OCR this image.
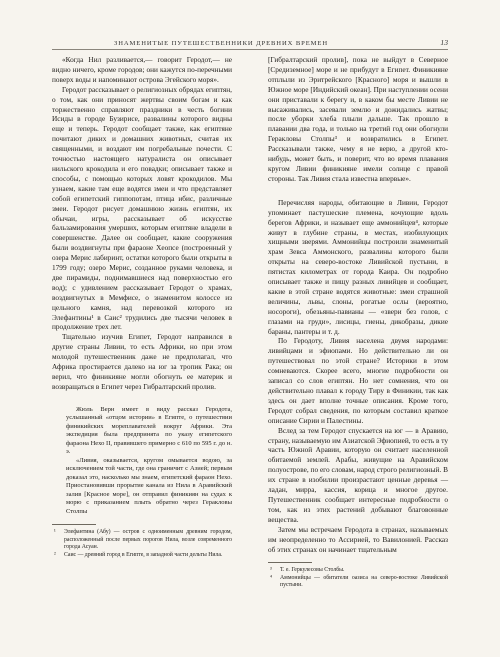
ЗНАМЕНИТЫЕ ПУТЕШЕСТВЕННИКИ ДРЕВНИХ ВРЕМЕН	13

«Когда Нил разливается,— говорит Геродот,— не видно ничего, кроме городов; они кажутся по-перечными поверх воды и напоминают острова Эгейского моря».

Геродот рассказывает о религиозных обрядах египтян, о том, как они приносят жертвы своим богам и как торжественно справляют праздники в честь богини Исиды в городе Бузирисе, развалины которого видны еще и теперь. Геродот сообщает также, как египтяне почитают диких и домашних животных, считая их священными, и воздают им погребальные почести. С точностью настоящего натуралиста он описывает нильского крокодила и его повадки; описывает также и способы, с помощью которых ловят крокодилов. Мы узнаем, какие там еще водятся змеи и что представляет собой египетский гиппопотам, птица ибис, различные змеи. Геродот рисует домашнюю жизнь египтян, их обычаи, игры, рассказывает об искусстве бальзамирования умерших, которым египтяне владели в совершенстве. Далее он сообщает, какие сооружения были воздвигнуты при фараоне Хеопсе (построенный у озера Мерис лабиринт, остатки которого были открыты в 1799 году; озеро Мерис, созданное руками человека, и две пирамиды, поднимавшиеся над поверхностью его вод); с удивлением рассказывает Геродот о храмах, воздвигнутых в Мемфисе, о знаменитом колоссе из цельного камня, над перевозкой которого из Элефантины¹ в Саис² трудились две тысячи человек в продолжение трех лет.

Тщательно изучив Египет, Геродот направился в другие страны Ливии, то есть Африки, но при этом молодой путешественник даже не предполагал, что Африка простирается далеко на юг за тропик Рака; он верил, что финикияне могли обогнуть ее материк и возвращаться в Египет через Гибралтарский пролив.

Жюль Верн имеет в виду рассказ Геродота, услышанный «отцом истории» в Египте, о путешествии финикийских мореплавателей вокруг Африки. Эта экспедиция была предпринята по указу египетского фараона Нехо II, правившего примерно с 610 по 595 г. до н. э.

«Ливия, оказывается, кругом омывается водою, за исключением той части, где она граничит с Азией; первым доказал это, насколько мы знаем, египетский фараон Нехо. Приостановивши прорытие канала из Нила в Аравийский залив [Красное море], он отправил финикиян на судах к морю с приказанием плыть обратно через Геракловы Столпы

¹	Элефантина (Абу) — остров с одноименным древним городом, расположенный после первых порогов Нила, возле современного города Асуан.
²	Саис — древний город в Египте, в западной части дельты Нила.

[Гибралтарский пролив], пока не выйдут в Северное [Средиземное] море и не прибудут в Египет. Финикияне отплыли из Эритрейского [Красного] моря и вышли в Южное море [Индийский океан]. При наступлении осени они приставали к берегу и, в каком бы месте Ливии не высаживались, засевали землю и дожидались жатвы; после уборки хлеба плыли дальше. Так прошло в плавании два года, и только на третий год они обогнули Геракловы Столпы³ и возвратились в Египет. Рассказывали также, чему я не верю, а другой кто-нибудь, может быть, и поверит, что во время плавания кругом Ливии финикияне имели солнце с правой стороны. Так Ливия стала известна впервые».

Перечисляя народы, обитающие в Ливии, Геродот упоминает пастушеские племена, кочующие вдоль берегов Африки, и называет еще аммонийцев⁴, которые живут в глубине страны, в местах, изобилующих хищными зверями. Аммонийцы построили знаменитый храм Зевса Аммонского, развалины которого были открыты на северо-востоке Ливийской пустыни, в пятистах километрах от города Каира. Он подробно описывает также и пищу разных ливийцев и сообщает, какие в этой стране водятся животные: змеи страшной величины, львы, слоны, рогатые ослы (вероятно, носороги), обезьяны-павианы — «звери без голов, с глазами на груди», лисицы, гиены, дикобразы, дикие бараны, пантеры и т. д.

По Геродоту, Ливия населена двумя народами: ливийцами и эфиопами. Но действительно ли он путешествовал по этой стране? Историки в этом сомневаются. Скорее всего, многие подробности он записал со слов египтян. Но нет сомнения, что он действительно плавал к городу Тиру в Финикии, так как здесь он дает вполне точные описания. Кроме того, Геродот собрал сведения, по которым составил краткое описание Сирии и Палестины.

Вслед за тем Геродот спускается на юг — в Аравию, страну, называемую им Азиатской Эфиопией, то есть в ту часть Южной Аравии, которую он считает населенной обитаемой землей. Арабы, живущие на Аравийском полуострове, по его словам, народ строго религиозный. В их стране в изобилии произрастают ценные деревья — ладан, мирра, кассия, корица и многое другое. Путешественник сообщает интересные подробности о том, как из этих растений добывают благовонные вещества.

Затем мы встречаем Геродота в странах, называемых им неопределенно то Ассирией, то Вавилонией. Рассказ об этих странах он начинает тщательным

³	Т. е. Геркулесовы Столбы.
⁴	Аммонийцы — обитатели оазиса на северо-востоке Ливийской пустыни.
